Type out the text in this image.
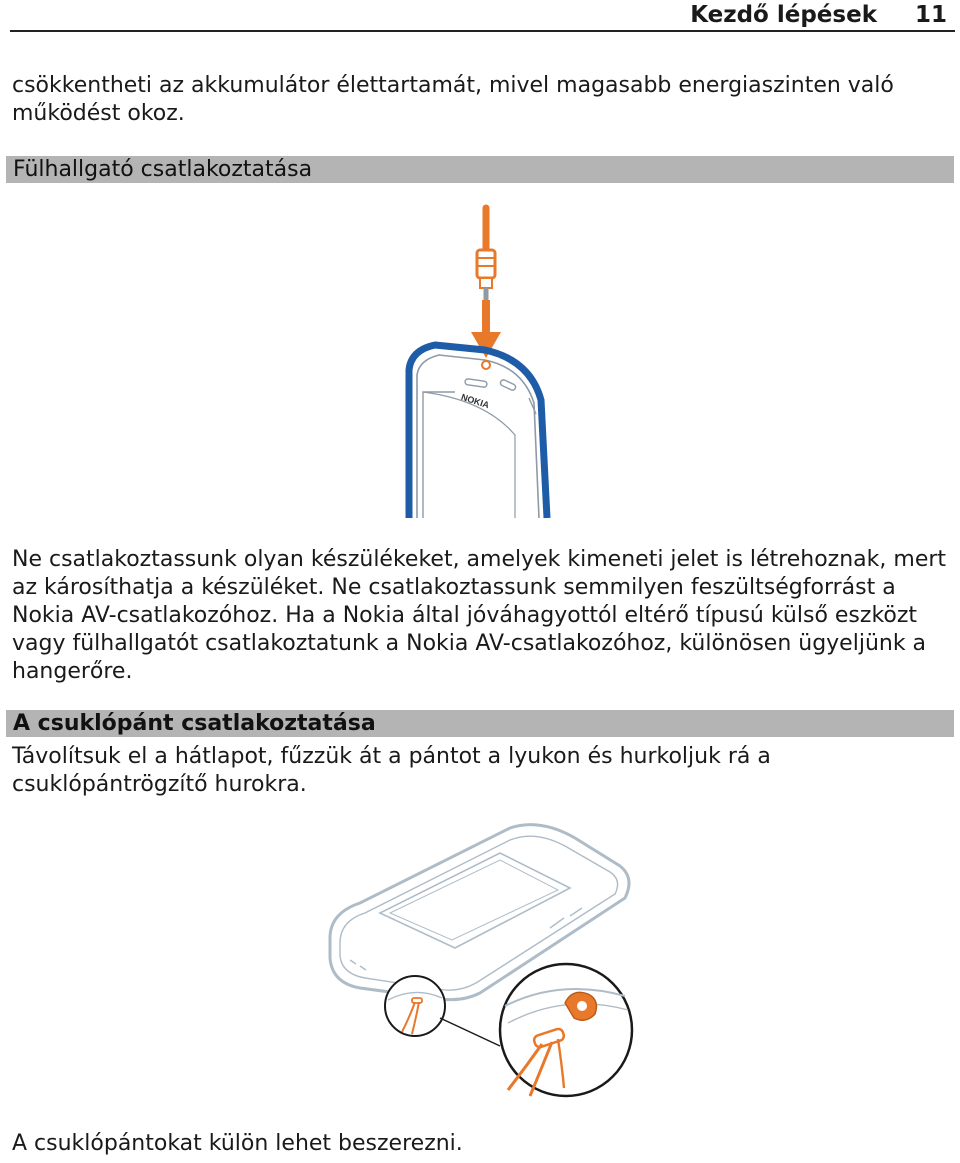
Kezdő lépések 11

csökkentheti az akkumulátor élettartamát, mivel magasabb energiaszinten való működést okoz.

Fülhallgató csatlakoztatása
NOKIA

Ne csatlakoztassunk olyan készülékeket, amelyek kimeneti jelet is létrehoznak, mert az károsíthatja a készüléket. Ne csatlakoztassunk semmilyen feszültségforrást a Nokia AV-csatlakozóhoz. Ha a Nokia által jóváhagyottól eltérő típusú külső eszközt vagy fülhallgatót csatlakoztatunk a Nokia AV-csatlakozóhoz, különösen ügyeljünk a hangerőre.

A csuklópánt csatlakoztatása

Távolítsuk el a hátlapot, fűzzük át a pántot a lyukon és hurkoljuk rá a csuklópántrögzítő hurokra.

A csuklópántokat külön lehet beszerezni.
